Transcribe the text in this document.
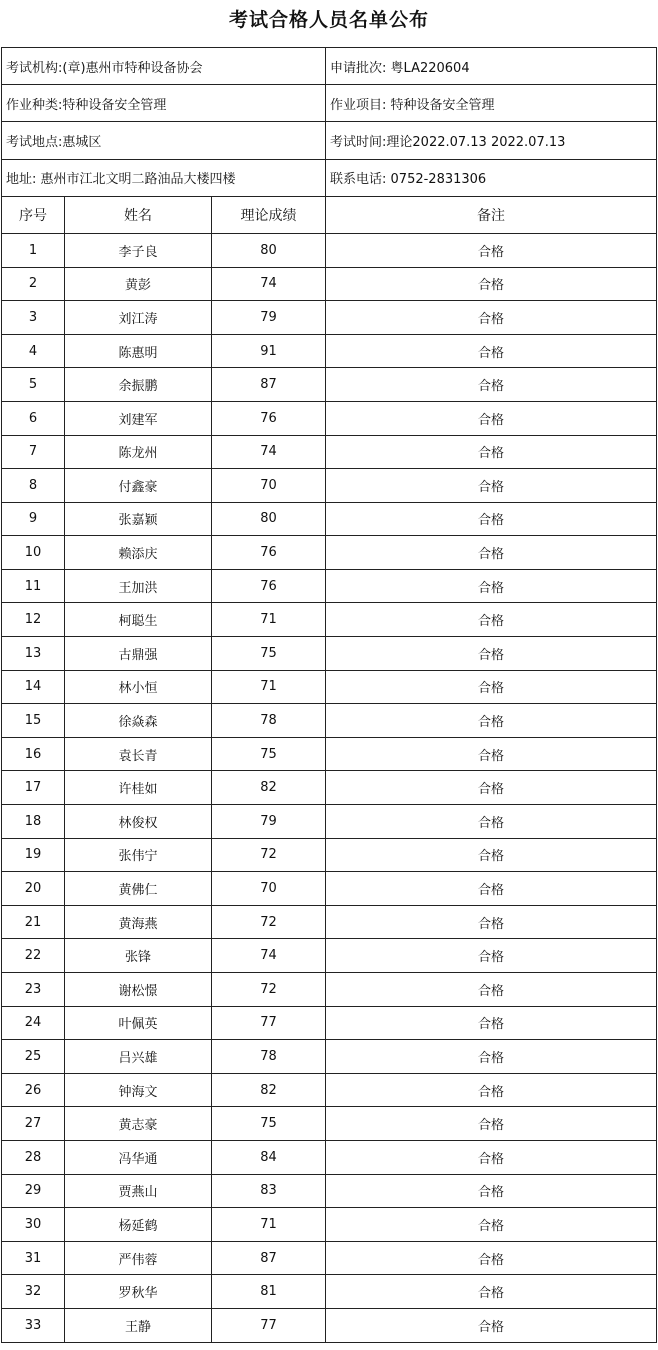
考试合格人员名单公布
考试机构:(章)惠州市特种设备协会			申请批次: 粤LA220604
作业种类:特种设备安全管理			作业项目: 特种设备安全管理
考试地点:惠城区			考试时间:理论2022.07.13 2022.07.13
地址: 惠州市江北文明二路油品大楼四楼			联系电话: 0752-2831306
序号	姓名	理论成绩	备注
1	李子良	80	合格
2	黄彭	74	合格
3	刘江涛	79	合格
4	陈惠明	91	合格
5	余振鹏	87	合格
6	刘建军	76	合格
7	陈龙州	74	合格
8	付鑫豪	70	合格
9	张嘉颖	80	合格
10	赖添庆	76	合格
11	王加洪	76	合格
12	柯聪生	71	合格
13	古鼎强	75	合格
14	林小恒	71	合格
15	徐焱森	78	合格
16	袁长青	75	合格
17	许桂如	82	合格
18	林俊权	79	合格
19	张伟宁	72	合格
20	黄佛仁	70	合格
21	黄海燕	72	合格
22	张锋	74	合格
23	谢松憬	72	合格
24	叶佩英	77	合格
25	吕兴雄	78	合格
26	钟海文	82	合格
27	黄志豪	75	合格
28	冯华通	84	合格
29	贾燕山	83	合格
30	杨延鹤	71	合格
31	严伟蓉	87	合格
32	罗秋华	81	合格
33	王静	77	合格
